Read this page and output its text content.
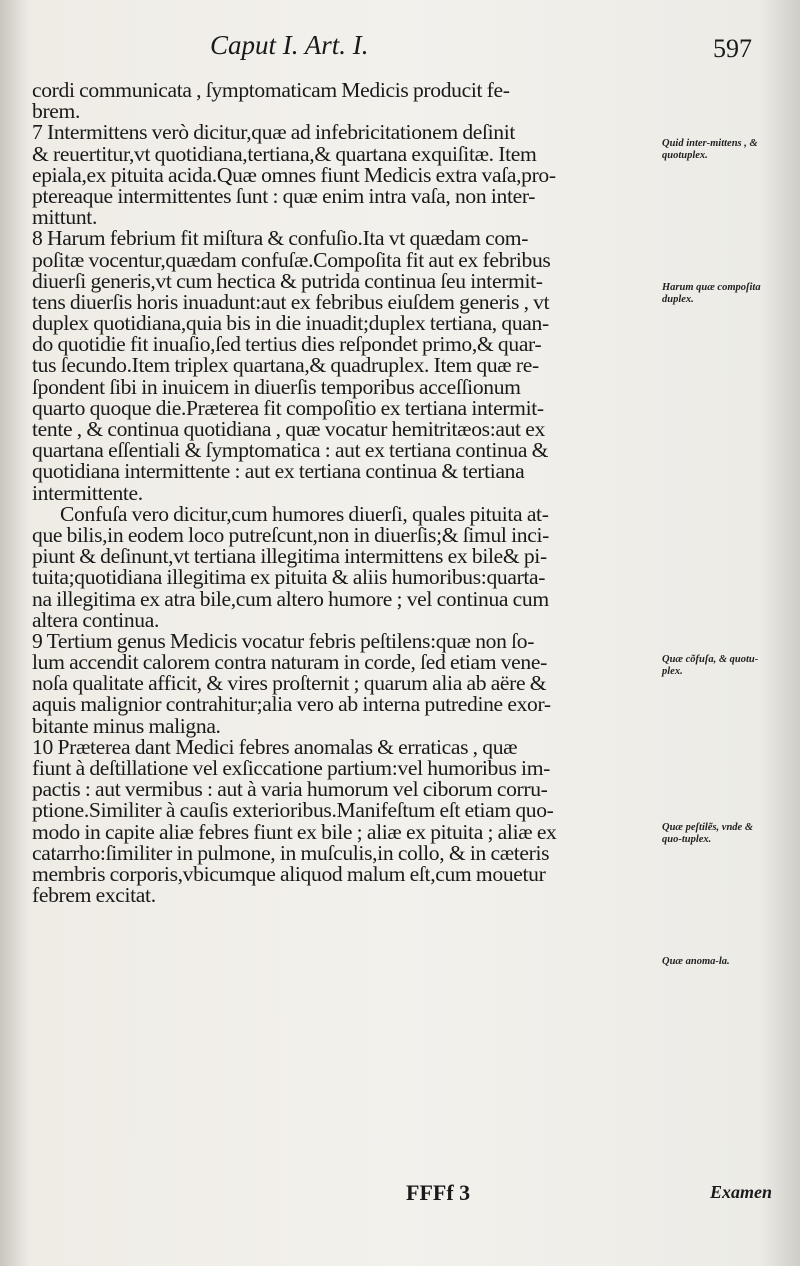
Caput I. Art. I.	597
cordi communicata , ſymptomaticam Medicis producit fe-
brem.
7 Intermittens verò dicitur,quæ ad infebricitationem deſinit
& reuertitur,vt quotidiana,tertiana,& quartana exquiſitæ. Item
epiala,ex pituita acida.Quæ omnes fiunt Medicis extra vaſa,pro-
ptereaque intermittentes ſunt : quæ enim intra vaſa, non inter-
mittunt.
8 Harum febrium fit miſtura & confuſio.Ita vt quædam com-
poſitæ vocentur,quædam confuſæ.Compoſita fit aut ex febribus
diuerſi generis,vt cum hectica & putrida continua ſeu intermit-
tens diuerſis horis inuadunt:aut ex febribus eiuſdem generis , vt
duplex quotidiana,quia bis in die inuadit;duplex tertiana, quan-
do quotidie fit inuaſio,ſed tertius dies reſpondet primo,& quar-
tus ſecundo.Item triplex quartana,& quadruplex. Item quæ re-
ſpondent ſibi in inuicem in diuerſis temporibus acceſſionum
quarto quoque die.Præterea fit compoſitio ex tertiana intermit-
tente , & continua quotidiana , quæ vocatur hemitritæos:aut ex
quartana eſſentiali & ſymptomatica : aut ex tertiana continua &
quotidiana intermittente : aut ex tertiana continua & tertiana
intermittente.
Confuſa vero dicitur,cum humores diuerſi, quales pituita at-
que bilis,in eodem loco putreſcunt,non in diuerſis;& ſimul inci-
piunt & deſinunt,vt tertiana illegitima intermittens ex bile& pi-
tuita;quotidiana illegitima ex pituita & aliis humoribus:quarta-
na illegitima ex atra bile,cum altero humore ; vel continua cum
altera continua.
9 Tertium genus Medicis vocatur febris peſtilens:quæ non ſo-
lum accendit calorem contra naturam in corde, ſed etiam vene-
noſa qualitate afficit, & vires proſternit ; quarum alia ab aëre &
aquis malignior contrahitur;alia vero ab interna putredine exor-
bitante minus maligna.
10 Præterea dant Medici febres anomalas & erraticas , quæ
fiunt à deſtillatione vel exſiccatione partium:vel humoribus im-
pactis : aut vermibus : aut à varia humorum vel ciborum corru-
ptione.Similiter à cauſis exterioribus.Manifeſtum eſt etiam quo-
modo in capite aliæ febres fiunt ex bile ; aliæ ex pituita ; aliæ ex
catarrho:ſimiliter in pulmone, in muſculis,in collo, & in cæteris
membris corporis,vbicumque aliquod malum eſt,cum mouetur
febrem excitat.
Quid inter-mittens , & quotuplex.
Harum quæ compoſita duplex.
Quæ cõfuſa, & quotu-plex.
Quæ peſtilẽs, vnde & quo-tuplex.
Quæ anoma-la.
FFFf 3	Examen
